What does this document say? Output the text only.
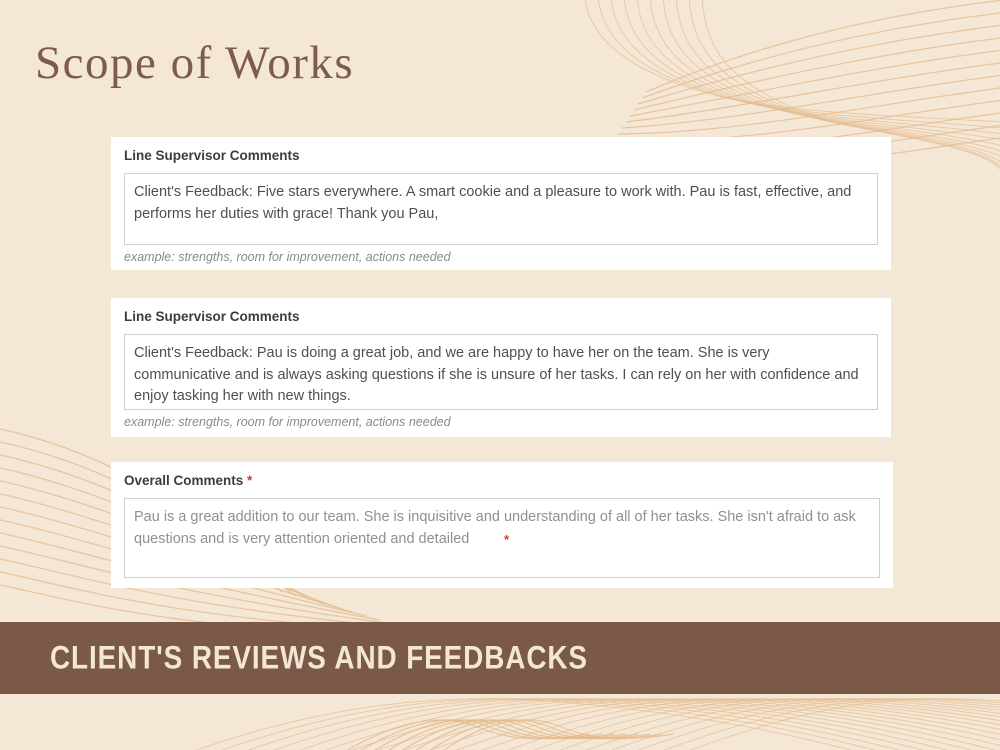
Scope of Works
Line Supervisor Comments
Client's Feedback: Five stars everywhere. A smart cookie and a pleasure to work with. Pau is fast, effective, and performs her duties with grace! Thank you Pau,
example: strengths, room for improvement, actions needed
Line Supervisor Comments
Client's Feedback: Pau is doing a great job, and we are happy to have her on the team. She is very communicative and is always asking questions if she is unsure of her tasks. I can rely on her with confidence and enjoy tasking her with new things.
example: strengths, room for improvement, actions needed
Overall Comments *
Pau is a great addition to our team. She is inquisitive and understanding of all of her tasks. She isn't afraid to ask questions and is very attention oriented and detailed
*
CLIENT'S REVIEWS AND FEEDBACKS
